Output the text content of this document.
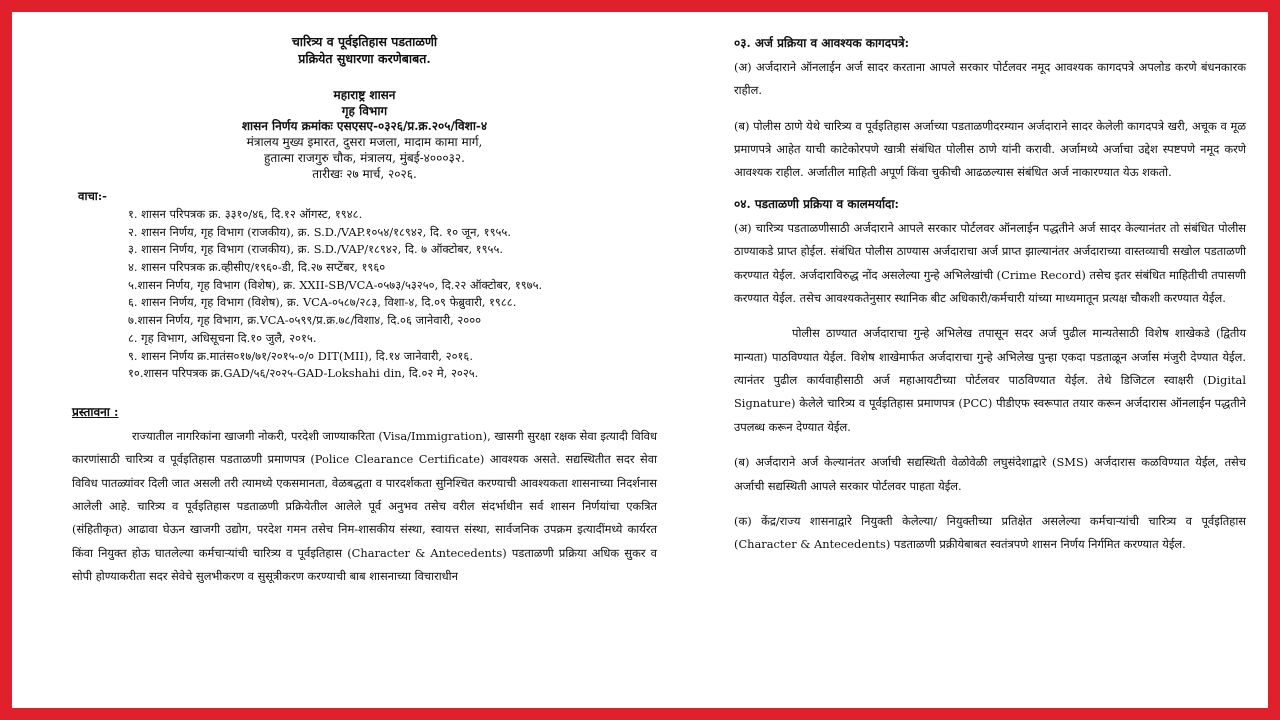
चारित्र्य व पूर्वइतिहास पडताळणी
प्रक्रियेत सुधारणा करणेबाबत.
महाराष्ट्र शासन
गृह विभाग
शासन निर्णय क्रमांकः एसएसए-०३२६/प्र.क्र.२०५/विशा-४
मंत्रालय मुख्य इमारत, दुसरा मजला, मादाम कामा मार्ग,
हुतात्मा राजगुरु चौक, मंत्रालय, मुंबई-४०००३२.
तारीखः २७ मार्च, २०२६.
वाचा:-
१. शासन परिपत्रक क्र. ३३१०/४६, दि.१२ ऑगस्ट, १९४८.
२. शासन निर्णय, गृह विभाग (राजकीय), क्र. S.D./VAP.१०५४/१८९४२, दि. १० जून, १९५५.
३. शासन निर्णय, गृह विभाग (राजकीय), क्र. S.D./VAP/१८९४२, दि. ७ ऑक्टोबर, १९५५.
४. शासन परिपत्रक क्र.व्हीसीए/१९६०-डी, दि.२७ सप्टेंबर, १९६०
५.शासन निर्णय, गृह विभाग (विशेष), क्र. XXII-SB/VCA-०५७३/५३२५०, दि.२२ ऑक्टोबर, १९७५.
६. शासन निर्णय, गृह विभाग (विशेष), क्र. VCA-०५८७/२८३, विशा-४, दि.०९ फेब्रुवारी, १९८८.
७.शासन निर्णय, गृह विभाग, क्र.VCA-०५९९/प्र.क्र.७८/विशा४, दि.०६ जानेवारी, २०००
८. गृह विभाग, अधिसूचना दि.१० जुलै, २०१५.
९. शासन निर्णय क्र.मातंस०१७/७१/२०१५-०/० DIT(MII), दि.१४ जानेवारी, २०१६.
१०.शासन परिपत्रक क्र.GAD/५६/२०२५-GAD-Lokshahi din, दि.०२ मे, २०२५.
प्रस्तावना :

राज्यातील नागरिकांना खाजगी नोकरी, परदेशी जाण्याकरिता (Visa/Immigration), खासगी सुरक्षा रक्षक सेवा इत्यादी विविध कारणांसाठी चारित्र्य व पूर्वइतिहास पडताळणी प्रमाणपत्र (Police Clearance Certificate) आवश्यक असते. सद्यस्थितीत सदर सेवा विविध पातळ्यांवर दिली जात असली तरी त्यामध्ये एकसमानता, वेळबद्धता व पारदर्शकता सुनिश्चित करण्याची आवश्यकता शासनाच्या निदर्शनास आलेली आहे. चारित्र्य व पूर्वइतिहास पडताळणी प्रक्रियेतील आलेले पूर्व अनुभव तसेच वरील संदर्भाधीन सर्व शासन निर्णयांचा एकत्रित (संहितीकृत) आढावा घेऊन खाजगी उद्योग, परदेश गमन तसेच निम-शासकीय संस्था, स्वायत्त संस्था, सार्वजनिक उपक्रम इत्यादींमध्ये कार्यरत किंवा नियुक्त होऊ घातलेल्या कर्मचाऱ्यांची चारित्र्य व पूर्वइतिहास (Character & Antecedents) पडताळणी प्रक्रिया अधिक सुकर व सोपी होण्याकरीता सदर सेवेचे सुलभीकरण व सुसूत्रीकरण करण्याची बाब शासनाच्या विचाराधीन

०३. अर्ज प्रक्रिया व आवश्यक कागदपत्रे:

(अ) अर्जदाराने ऑनलाईन अर्ज सादर करताना आपले सरकार पोर्टलवर नमूद आवश्यक कागदपत्रे अपलोड करणे बंधनकारक राहील.

(ब) पोलीस ठाणे येथे चारित्र्य व पूर्वइतिहास अर्जाच्या पडताळणीदरम्यान अर्जदाराने सादर केलेली कागदपत्रे खरी, अचूक व मूळ प्रमाणपत्रे आहेत याची काटेकोरपणे खात्री संबंधित पोलीस ठाणे यांनी करावी. अर्जामध्ये अर्जाचा उद्देश स्पष्टपणे नमूद करणे आवश्यक राहील. अर्जातील माहिती अपूर्ण किंवा चुकीची आढळल्यास संबंधित अर्ज नाकारण्यात येऊ शकतो.

०४. पडताळणी प्रक्रिया व कालमर्यादा:

(अ) चारित्र्य पडताळणीसाठी अर्जदाराने आपले सरकार पोर्टलवर ऑनलाईन पद्धतीने अर्ज सादर केल्यानंतर तो संबंधित पोलीस ठाण्याकडे प्राप्त होईल. संबंधित पोलीस ठाण्यास अर्जदाराचा अर्ज प्राप्त झाल्यानंतर अर्जदाराच्या वास्तव्याची सखोल पडताळणी करण्यात येईल. अर्जदाराविरुद्ध नोंद असलेल्या गुन्हे अभिलेखांची (Crime Record) तसेच इतर संबंधित माहितीची तपासणी करण्यात येईल. तसेच आवश्यकतेनुसार स्थानिक बीट अधिकारी/कर्मचारी यांच्या माध्यमातून प्रत्यक्ष चौकशी करण्यात येईल.

पोलीस ठाण्यात अर्जदाराचा गुन्हे अभिलेख तपासून सदर अर्ज पुढील मान्यतेसाठी विशेष शाखेकडे (द्वितीय मान्यता) पाठविण्यात येईल. विशेष शाखेमार्फत अर्जदाराचा गुन्हे अभिलेख पुन्हा एकदा पडताळून अर्जास मंजुरी देण्यात येईल. त्यानंतर पुढील कार्यवाहीसाठी अर्ज महाआयटीच्या पोर्टलवर पाठविण्यात येईल. तेथे डिजिटल स्वाक्षरी (Digital Signature) केलेले चारित्र्य व पूर्वइतिहास प्रमाणपत्र (PCC) पीडीएफ स्वरूपात तयार करून अर्जदारास ऑनलाईन पद्धतीने उपलब्ध करून देण्यात येईल.

(ब) अर्जदाराने अर्ज केल्यानंतर अर्जाची सद्यस्थिती वेळोवेळी लघुसंदेशाद्वारे (SMS) अर्जदारास कळविण्यात येईल, तसेच अर्जाची सद्यस्थिती आपले सरकार पोर्टलवर पाहता येईल.

(क) केंद्र/राज्य शासनाद्वारे नियुक्ती केलेल्या/ नियुक्तीच्या प्रतिक्षेत असलेल्या कर्मचाऱ्यांची चारित्र्य व पूर्वइतिहास (Character & Antecedents) पडताळणी प्रक्रीयेबाबत स्वतंत्रपणे शासन निर्णय निर्गमित करण्यात येईल.
